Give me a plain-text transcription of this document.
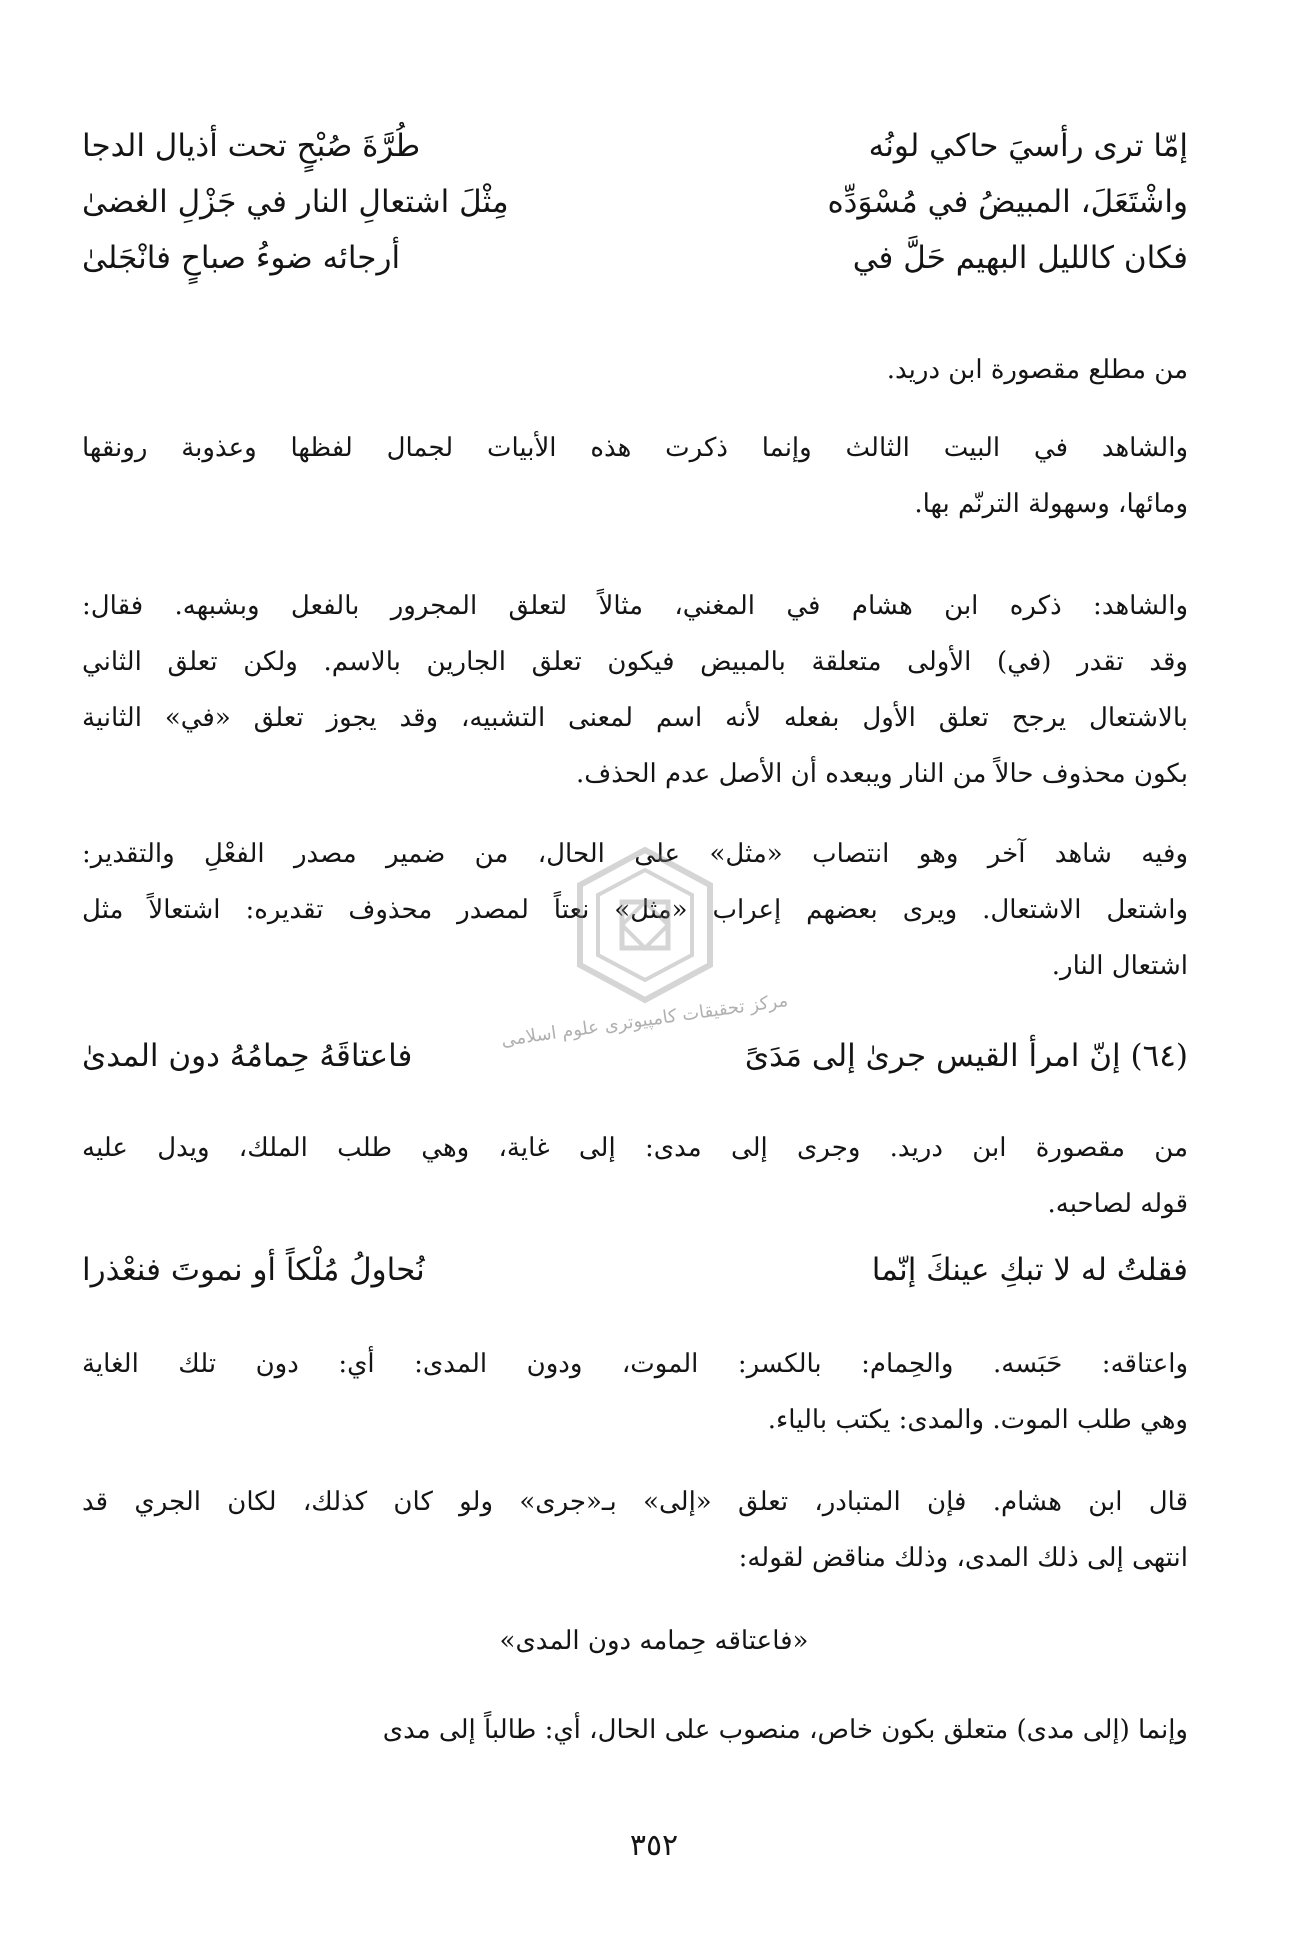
إمّا ترى رأسيَ حاكي لونُه
طُرَّةَ صُبْحٍ تحت أذيال الدجا
واشْتَعَلَ، المبيضُ في مُسْوَدِّه
مِثْلَ اشتعالِ النار في جَزْلِ الغضىٰ
فكان كالليل البهيم حَلَّ في
أرجائه ضوءُ صباحٍ فانْجَلىٰ

من مطلع مقصورة ابن دريد.

والشاهد في البيت الثالث وإنما ذكرت هذه الأبيات لجمال لفظها وعذوبة رونقها
ومائها، وسهولة الترنّم بها.

والشاهد: ذكره ابن هشام في المغني، مثالاً لتعلق المجرور بالفعل وبشبهه. فقال:
وقد تقدر (في) الأولى متعلقة بالمبيض فيكون تعلق الجارين بالاسم. ولكن تعلق الثاني
بالاشتعال يرجح تعلق الأول بفعله لأنه اسم لمعنى التشبيه، وقد يجوز تعلق «في» الثانية
بكون محذوف حالاً من النار ويبعده أن الأصل عدم الحذف.

وفيه شاهد آخر وهو انتصاب «مثل» على الحال، من ضمير مصدر الفعْلِ والتقدير:
واشتعل الاشتعال. ويرى بعضهم إعراب «مثل» نعتاً لمصدر محذوف تقديره: اشتعالاً مثل
اشتعال النار.

(٦٤) إنّ امرأ القيس جرىٰ إلى مَدَىً
فاعتاقَهُ حِمامُهُ دون المدىٰ

من مقصورة ابن دريد. وجرى إلى مدى: إلى غاية، وهي طلب الملك، ويدل عليه
قوله لصاحبه.

فقلتُ له لا تبكِ عينكَ إنّما
نُحاولُ مُلْكاً أو نموتَ فنعْذرا

واعتاقه: حَبَسه. والحِمام: بالكسر: الموت، ودون المدى: أي: دون تلك الغاية
وهي طلب الموت. والمدى: يكتب بالياء.

قال ابن هشام. فإن المتبادر، تعلق «إلى» بـ«جرى» ولو كان كذلك، لكان الجري قد
انتهى إلى ذلك المدى، وذلك مناقض لقوله:

«فاعتاقه حِمامه دون المدى»

وإنما (إلى مدى) متعلق بكون خاص، منصوب على الحال، أي: طالباً إلى مدى

٣٥٢
مرکز تحقیقات کامپیوتری علوم اسلامی
